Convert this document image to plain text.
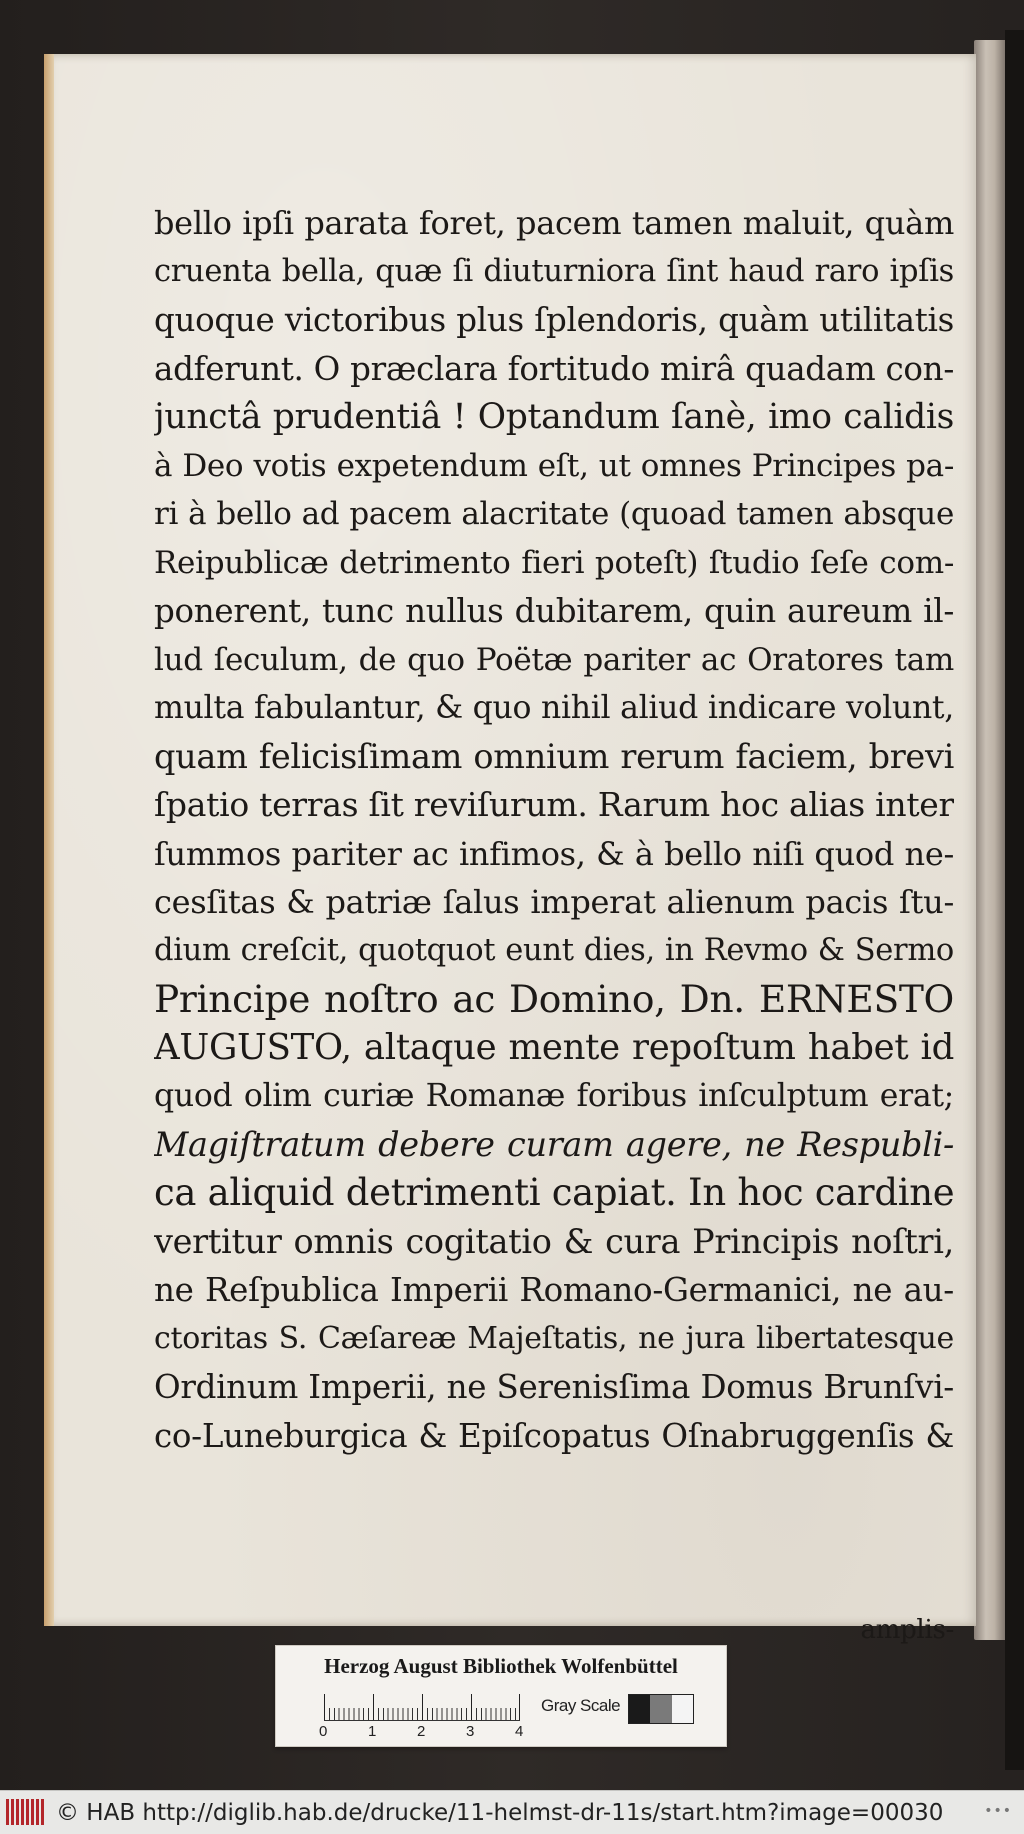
bello ipſi parata foret, pacem tamen maluit, quàm
cruenta bella, quæ ſi diuturniora ſint haud raro ipſis
quoque victoribus plus ſplendoris, quàm utilitatis
adferunt. O præclara fortitudo mirâ quadam con-
junctâ prudentiâ ! Optandum ſanè, imo calidis
à Deo votis expetendum eſt, ut omnes Principes pa-
ri à bello ad pacem alacritate (quoad tamen absque
Reipublicæ detrimento fieri poteſt) ſtudio ſeſe com-
ponerent, tunc nullus dubitarem, quin aureum il-
lud ſeculum, de quo Poëtæ pariter ac Oratores tam
multa fabulantur, & quo nihil aliud indicare volunt,
quam felicisſimam omnium rerum faciem, brevi
ſpatio terras ſit reviſurum. Rarum hoc alias inter
ſummos pariter ac infimos, & à bello niſi quod ne-
cesſitas & patriæ ſalus imperat alienum pacis ſtu-
dium creſcit, quotquot eunt dies, in Revmo & Sermo
Principe noſtro ac Domino, Dn. ERNESTO
AUGUSTO, altaque mente repoſtum habet id
quod olim curiæ Romanæ foribus inſculptum erat;
Magiſtratum debere curam agere, ne Respubli-
ca aliquid detrimenti capiat. In hoc cardine
vertitur omnis cogitatio & cura Principis noſtri,
ne Reſpublica Imperii Romano-Germanici, ne au-
ctoritas S. Cæſareæ Majeſtatis, ne jura libertatesque
Ordinum Imperii, ne Serenisſima Domus Brunſvi-
co-Luneburgica & Epiſcopatus Oſnabruggenſis &
amplis-
Herzog August Bibliothek Wolfenbüttel
0	1	2	3	4
Gray Scale
© HAB http://diglib.hab.de/drucke/11-helmst-dr-11s/start.htm?image=00030	•••
